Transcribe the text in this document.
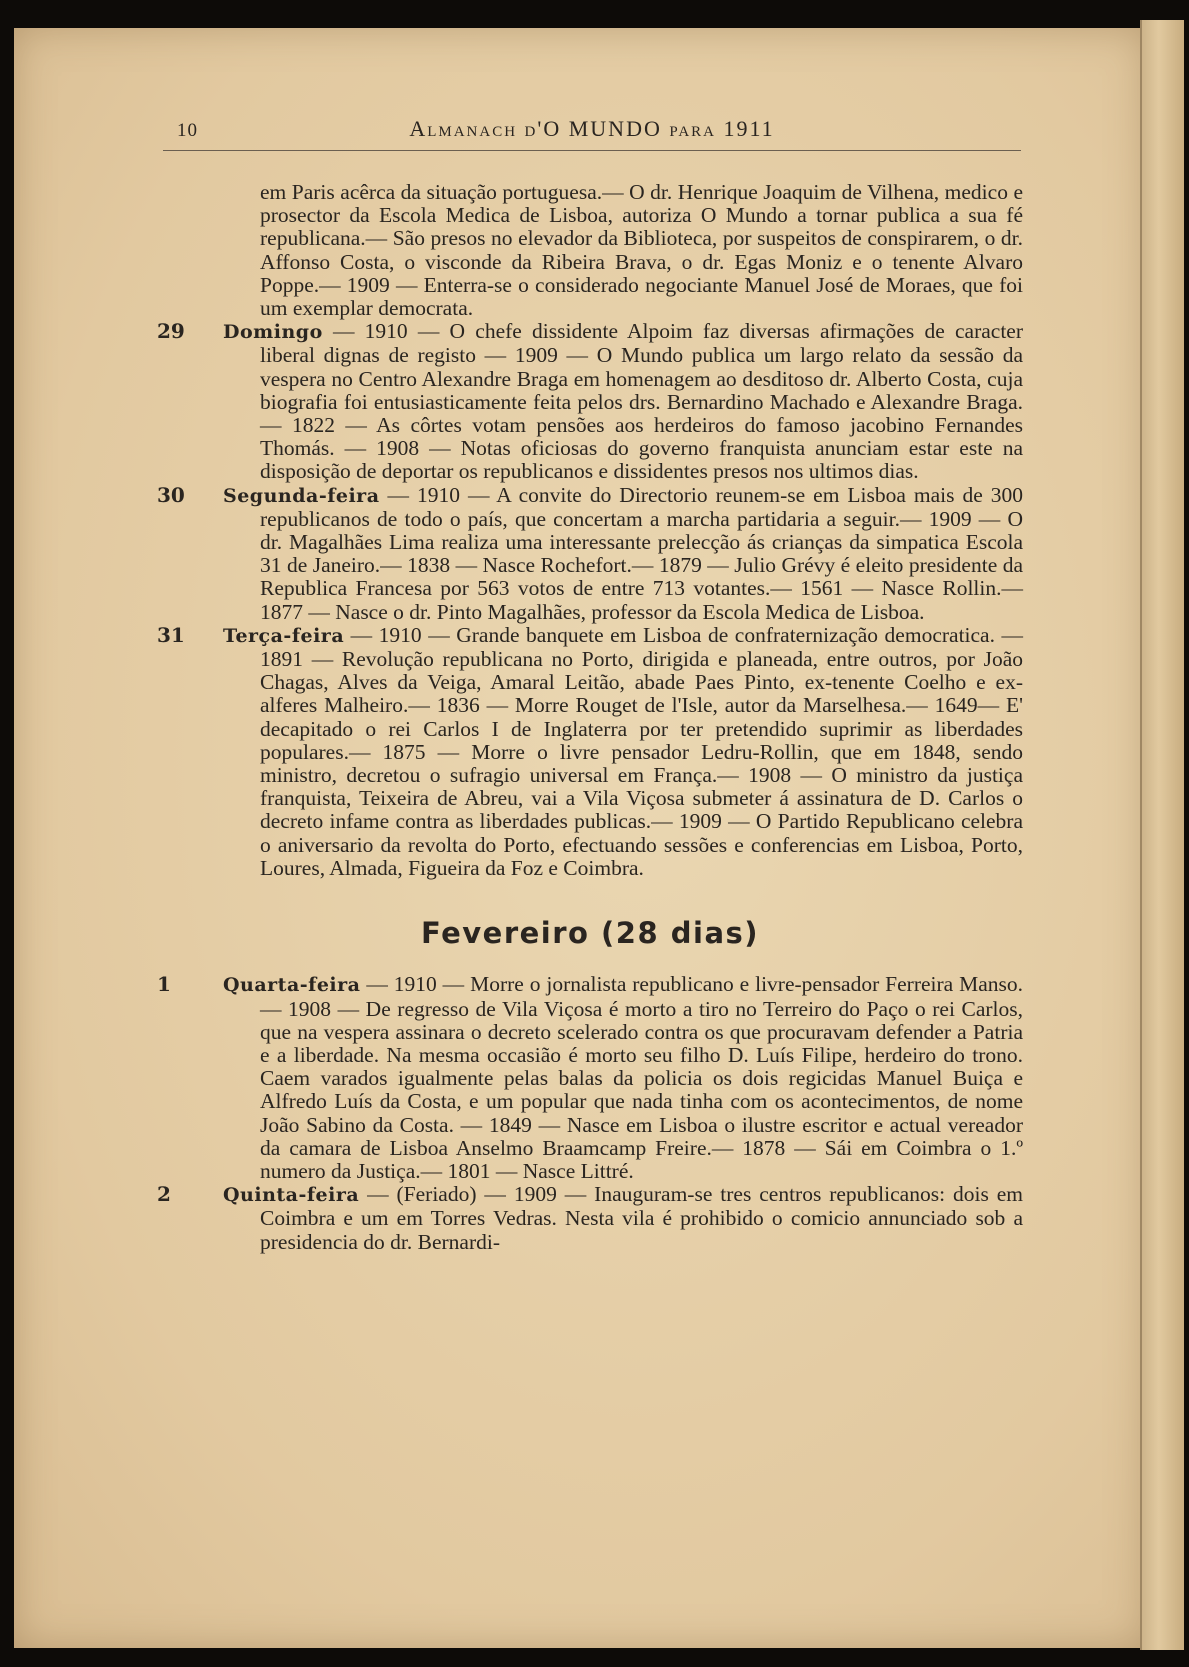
10	Almanach d'O MUNDO para 1911

em Paris acêrca da situação portuguesa.— O dr. Henrique Joaquim de Vilhena, medico e prosector da Escola Medica de Lisboa, autoriza O Mundo a tornar publica a sua fé republicana.— São presos no elevador da Biblioteca, por suspeitos de conspirarem, o dr. Affonso Costa, o visconde da Ribeira Brava, o dr. Egas Moniz e o tenente Alvaro Poppe.— 1909 — Enterra-se o considerado negociante Manuel José de Moraes, que foi um exemplar democrata.

29 Domingo — 1910 — O chefe dissidente Alpoim faz diversas afirmações de caracter liberal dignas de registo — 1909 — O Mundo publica um largo relato da sessão da vespera no Centro Alexandre Braga em homenagem ao desditoso dr. Alberto Costa, cuja biografia foi entusiasticamente feita pelos drs. Bernardino Machado e Alexandre Braga.— 1822 — As côrtes votam pensões aos herdeiros do famoso jacobino Fernandes Thomás. — 1908 — Notas oficiosas do governo franquista anunciam estar este na disposição de deportar os republicanos e dissidentes presos nos ultimos dias.

30 Segunda-feira — 1910 — A convite do Directorio reunem-se em Lisboa mais de 300 republicanos de todo o país, que concertam a marcha partidaria a seguir.— 1909 — O dr. Magalhães Lima realiza uma interessante prelecção ás crianças da simpatica Escola 31 de Janeiro.— 1838 — Nasce Rochefort.— 1879 — Julio Grévy é eleito presidente da Republica Francesa por 563 votos de entre 713 votantes.— 1561 — Nasce Rollin.— 1877 — Nasce o dr. Pinto Magalhães, professor da Escola Medica de Lisboa.

31 Terça-feira — 1910 — Grande banquete em Lisboa de confraternização democratica. — 1891 — Revolução republicana no Porto, dirigida e planeada, entre outros, por João Chagas, Alves da Veiga, Amaral Leitão, abade Paes Pinto, ex-tenente Coelho e ex-alferes Malheiro.— 1836 — Morre Rouget de l'Isle, autor da Marselhesa.— 1649— E' decapitado o rei Carlos I de Inglaterra por ter pretendido suprimir as liberdades populares.— 1875 — Morre o livre pensador Ledru-Rollin, que em 1848, sendo ministro, decretou o sufragio universal em França.— 1908 — O ministro da justiça franquista, Teixeira de Abreu, vai a Vila Viçosa submeter á assinatura de D. Carlos o decreto infame contra as liberdades publicas.— 1909 — O Partido Republicano celebra o aniversario da revolta do Porto, efectuando sessões e conferencias em Lisboa, Porto, Loures, Almada, Figueira da Foz e Coimbra.

Fevereiro (28 dias)

1	Quarta-feira — 1910 — Morre o jornalista republicano e livre-pensador Ferreira Manso.— 1908 — De regresso de Vila Viçosa é morto a tiro no Terreiro do Paço o rei Carlos, que na vespera assinara o decreto scelerado contra os que procuravam defender a Patria e a liberdade. Na mesma occasião é morto seu filho D. Luís Filipe, herdeiro do trono. Caem varados igualmente pelas balas da policia os dois regicidas Manuel Buiça e Alfredo Luís da Costa, e um popular que nada tinha com os acontecimentos, de nome João Sabino da Costa. — 1849 — Nasce em Lisboa o ilustre escritor e actual vereador da camara de Lisboa Anselmo Braamcamp Freire.— 1878 — Sái em Coimbra o 1.º numero da Justiça.— 1801 — Nasce Littré.

2	Quinta-feira — (Feriado) — 1909 — Inauguram-se tres centros republicanos: dois em Coimbra e um em Torres Vedras. Nesta vila é prohibido o comicio annunciado sob a presidencia do dr. Bernardi-
